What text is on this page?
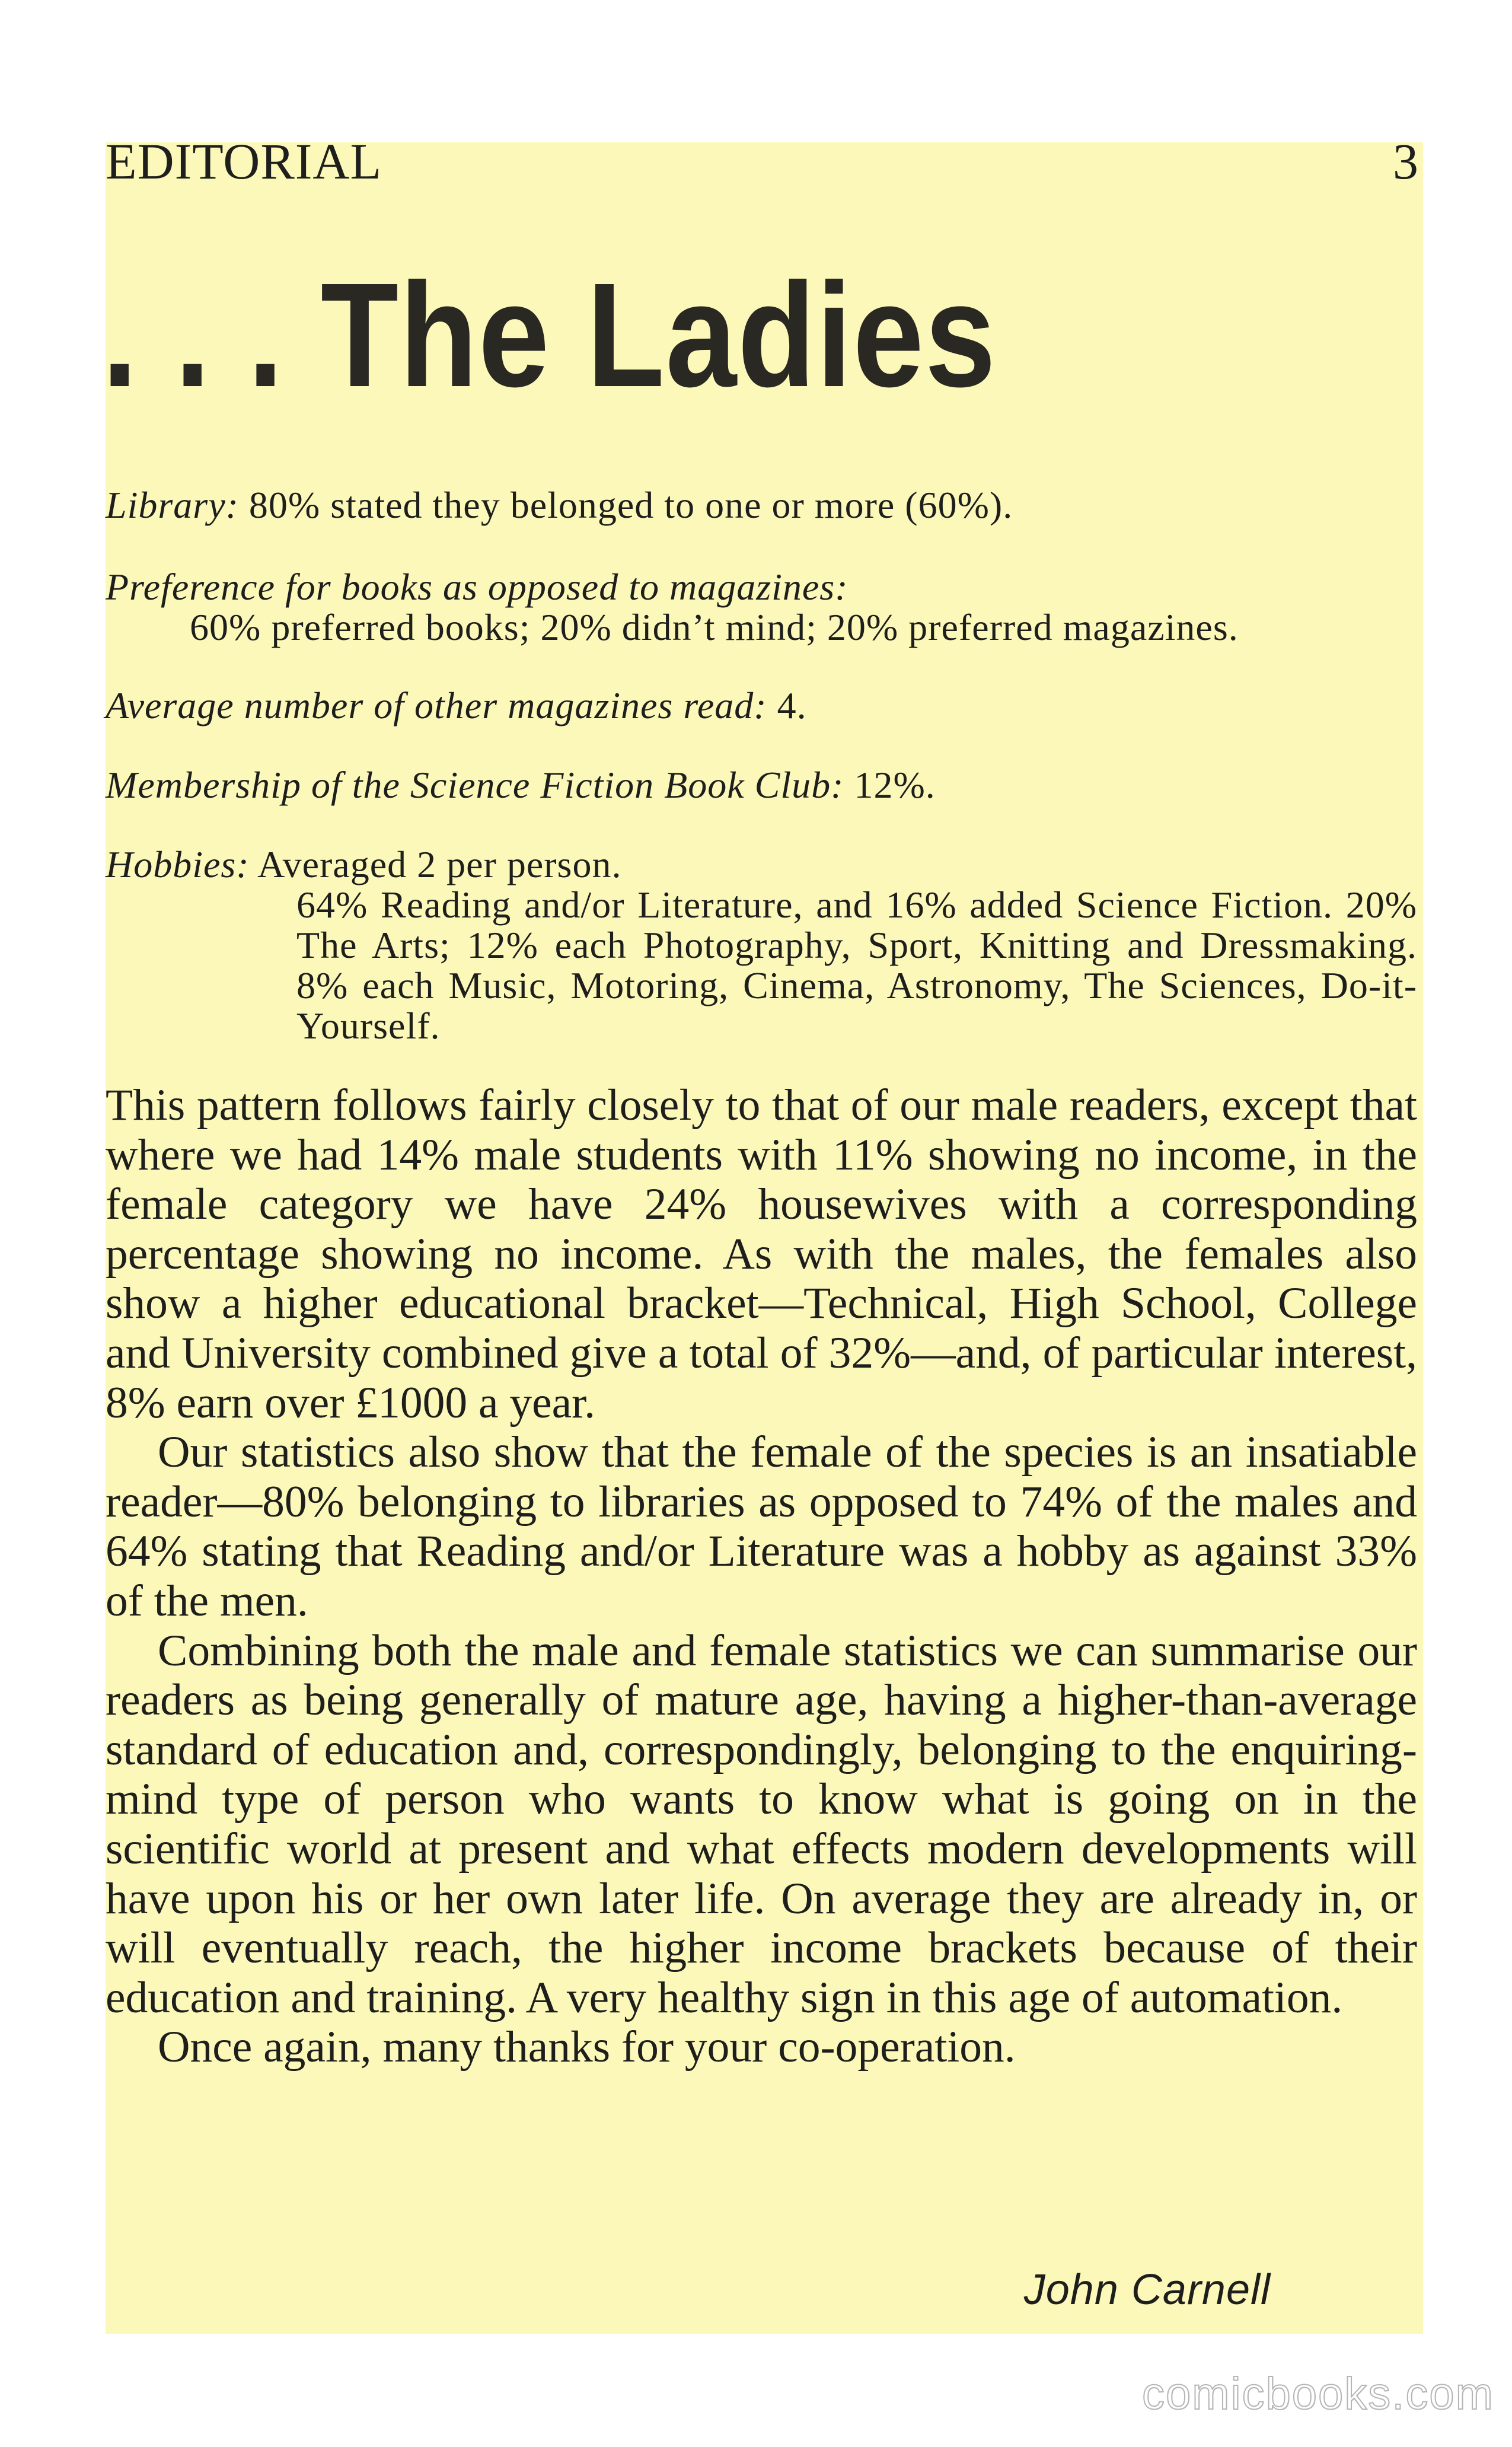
EDITORIAL	3
. . . The Ladies
Library: 80% stated they belonged to one or more (60%).
Preference for books as opposed to magazines:
60% preferred books; 20% didn’t mind; 20% preferred magazines.
Average number of other magazines read: 4.
Membership of the Science Fiction Book Club: 12%.
Hobbies: Averaged 2 per person.
64% Reading and/or Literature, and 16% added Science Fiction. 20% The Arts; 12% each Photography, Sport, Knitting and Dressmaking. 8% each Music, Motoring, Cinema, Astronomy, The Sciences, Do-it-Yourself.

This pattern follows fairly closely to that of our male readers, except that where we had 14% male students with 11% showing no income, in the female category we have 24% housewives with a corresponding percentage showing no income. As with the males, the females also show a higher educational bracket—Technical, High School, College and University combined give a total of 32%—and, of particular interest, 8% earn over £1000 a year.

Our statistics also show that the female of the species is an insatiable reader—80% belonging to libraries as opposed to 74% of the males and 64% stating that Reading and/or Literature was a hobby as against 33% of the men.

Combining both the male and female statistics we can summarise our readers as being generally of mature age, having a higher-than-average standard of education and, correspondingly, belonging to the enquiring-mind type of person who wants to know what is going on in the scientific world at present and what effects modern developments will have upon his or her own later life. On average they are already in, or will eventually reach, the higher income brackets because of their education and training. A very healthy sign in this age of automation.

Once again, many thanks for your co-operation.

John Carnell
comicbooks.com
